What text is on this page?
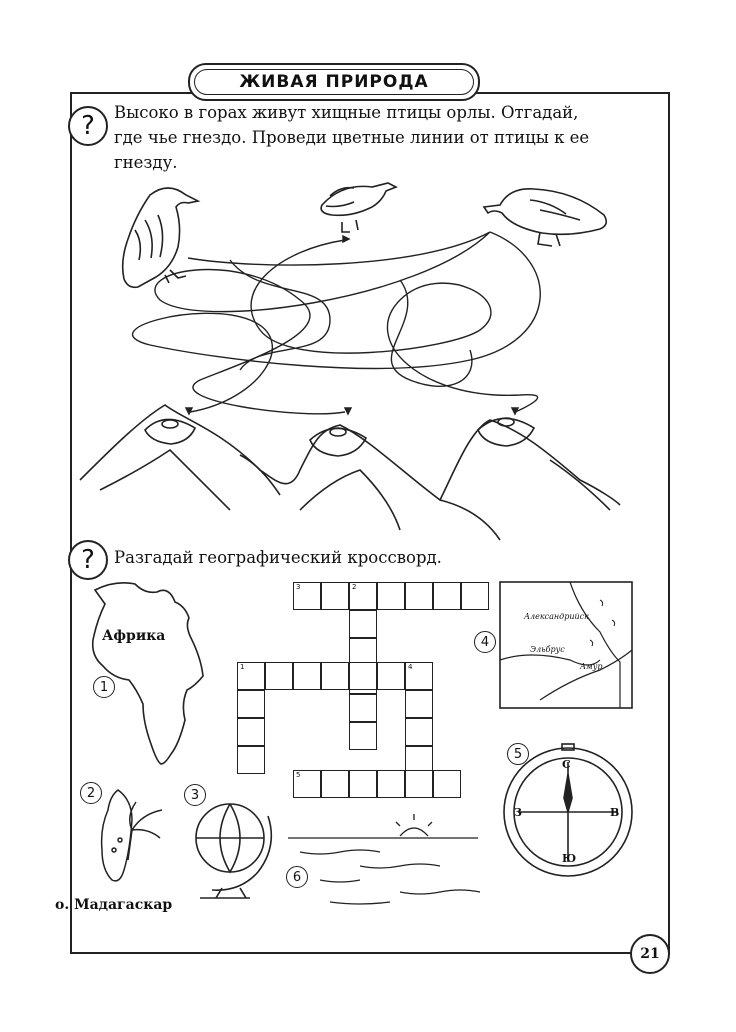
ЖИВАЯ ПРИРОДА
?	Высоко в горах живут хищные птицы орлы. Отгадай,
где чье гнездо. Проведи цветные линии от птицы к ее
гнезду.
?	Разгадай географический кроссворд.
Африка
1
2
о. Мадагаскар
3
3	2
1	4
5
4
Александрийск
Эльбрус
Амур
5
С
В
Ю
З
6
21
